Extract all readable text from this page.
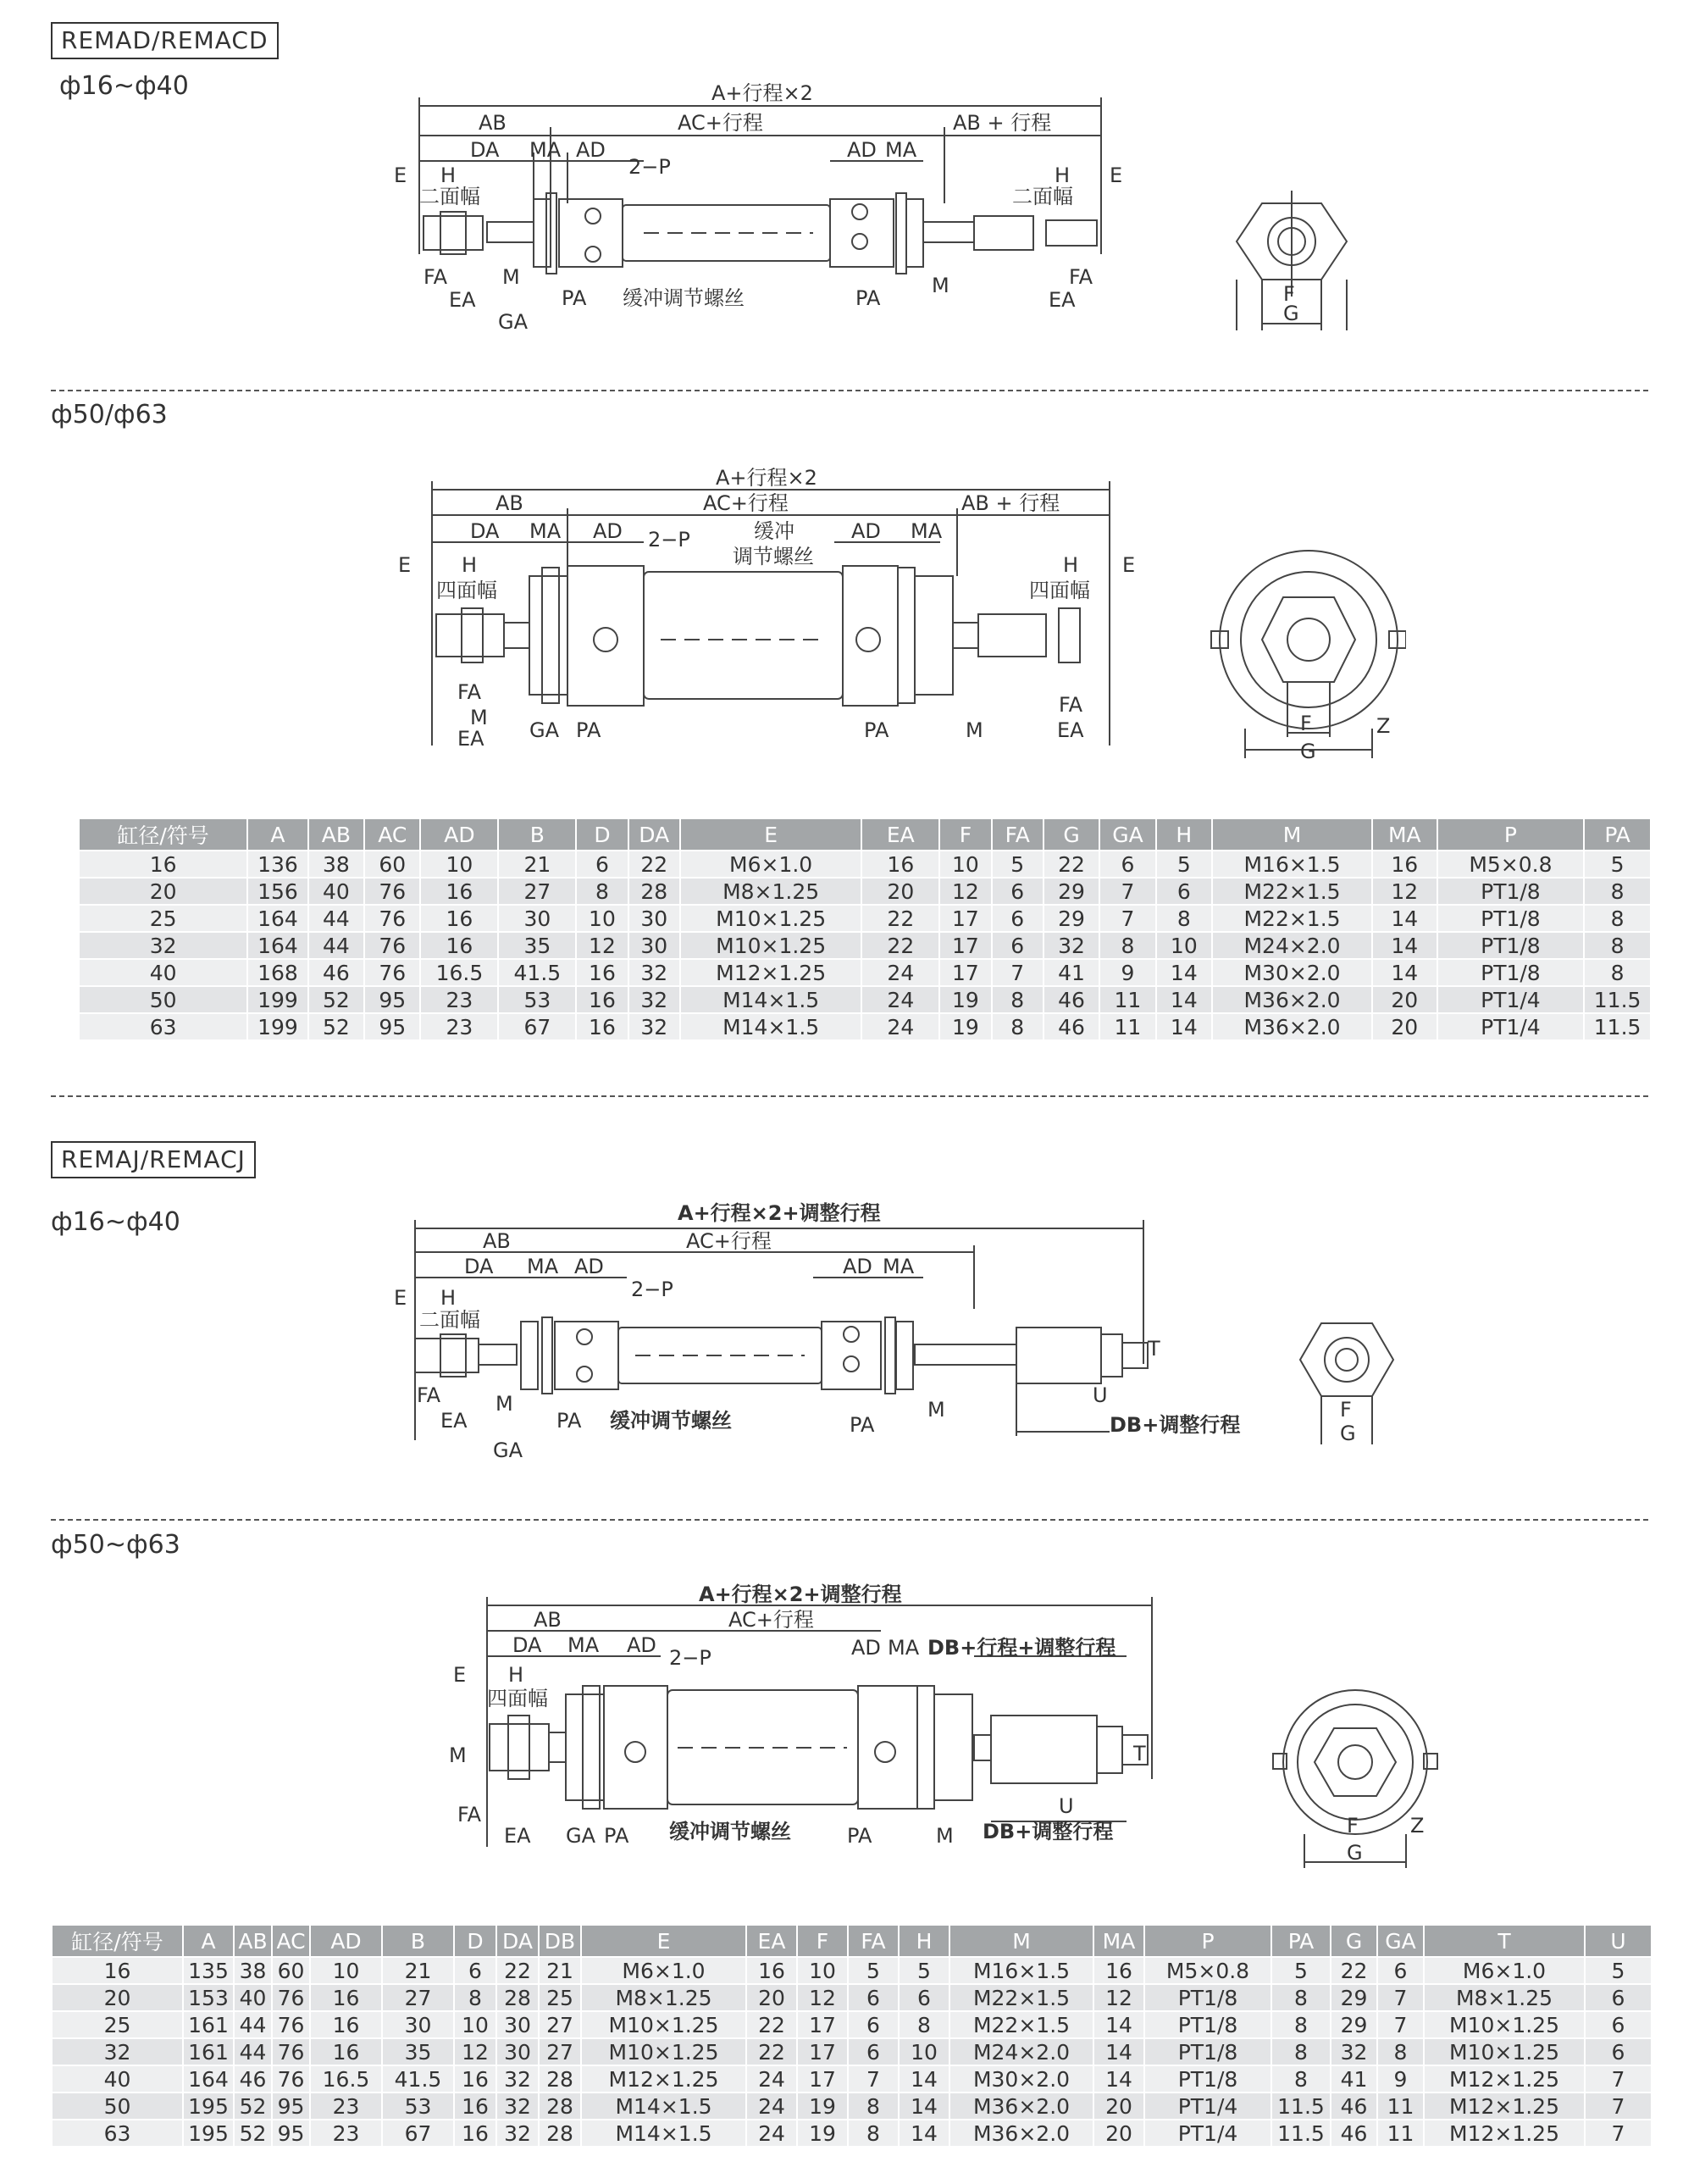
REMAD/REMACD
ф16~ф40	A+行程×2
AB	AC+行程	AB + 行程
DA MA AD
2−P
AD MA
E H
二面幅
H E
二面幅
FA
EA
M
GA
PA 缓冲调节螺丝	PA
M	FA
EA	F
G
ф50/ф63
A+行程×2
AB	AC+行程	AB + 行程
DA MA AD 2−P	缓冲
调节螺丝
AD MA
E H
四面幅
H E
四面幅
FA
M
EA GA PA	PA	M
FA
EA	F
G
Z
缸径/符号	A	AB	AC	AD	B	D	DA	E	EA	F	FA	G	GA	H	M	MA	P	PA
16	136	38	60	10	21	6	22	M6×1.0	16	10	5	22	6	5	M16×1.5	16	M5×0.8	5
20	156	40	76	16	27	8	28	M8×1.25	20	12	6	29	7	6	M22×1.5	12	PT1/8	8
25	164	44	76	16	30	10	30	M10×1.25	22	17	6	29	7	8	M22×1.5	14	PT1/8	8
32	164	44	76	16	35	12	30	M10×1.25	22	17	6	32	8	10	M24×2.0	14	PT1/8	8
40	168	46	76	16.5	41.5	16	32	M12×1.25	24	17	7	41	9	14	M30×2.0	14	PT1/8	8
50	199	52	95	23	53	16	32	M14×1.5	24	19	8	46	11	14	M36×2.0	20	PT1/4	11.5
63	199	52	95	23	67	16	32	M14×1.5	24	19	8	46	11	14	M36×2.0	20	PT1/4	11.5
REMAJ/REMACJ
ф16~ф40	A+行程×2+调整行程
AB	AC+行程
DA MA AD
2−P
AD MA
E H
二面幅
FA
EA
M
GA
PA 缓冲调节螺丝	PA
M
T
U
DB+调整行程
F
G
ф50~ф63
A+行程×2+调整行程
AB	AC+行程
DA MA AD
2−P	AD MA DB+行程+调整行程
E H
四面幅
M
FA
EA GA PA 缓冲调节螺丝	PA	M
T
U
DB+调整行程	F
G
Z
缸径/符号	A	AB	AC	AD	B	D	DA	DB	E	EA	F	FA	H	M	MA	P	PA	G	GA	T	U
16	135	38	60	10	21	6	22	21	M6×1.0	16	10	5	5	M16×1.5	16	M5×0.8	5	22	6	M6×1.0	5
20	153	40	76	16	27	8	28	25	M8×1.25	20	12	6	6	M22×1.5	12	PT1/8	8	29	7	M8×1.25	6
25	161	44	76	16	30	10	30	27	M10×1.25	22	17	6	8	M22×1.5	14	PT1/8	8	29	7	M10×1.25	6
32	161	44	76	16	35	12	30	27	M10×1.25	22	17	6	10	M24×2.0	14	PT1/8	8	32	8	M10×1.25	6
40	164	46	76	16.5	41.5	16	32	28	M12×1.25	24	17	7	14	M30×2.0	14	PT1/8	8	41	9	M12×1.25	7
50	195	52	95	23	53	16	32	28	M14×1.5	24	19	8	14	M36×2.0	20	PT1/4	11.5	46	11	M12×1.25	7
63	195	52	95	23	67	16	32	28	M14×1.5	24	19	8	14	M36×2.0	20	PT1/4	11.5	46	11	M12×1.25	7
